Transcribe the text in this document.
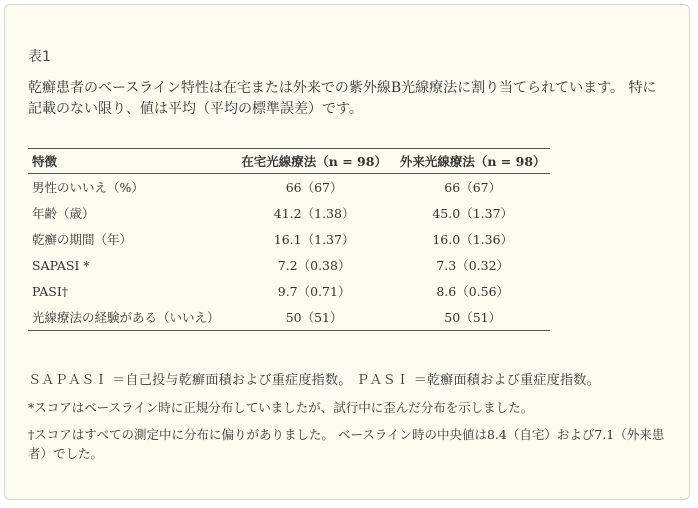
表1
乾癬患者のベースライン特性は在宅または外来での紫外線B光線療法に割り当てられています。 特に記載のない限り、値は平均（平均の標準誤差）です。
特徴	在宅光線療法（n = 98）	外来光線療法（n = 98）
男性のいいえ（%）	66（67）	66（67）
年齢（歳）	41.2（1.38）	45.0（1.37）
乾癬の期間（年）	16.1（1.37）	16.0（1.36）
SAPASI *	7.2（0.38）	7.3（0.32）
PASI†	9.7（0.71）	8.6（0.56）
光線療法の経験がある（いいえ）	50（51）	50（51）
ＳＡＰＡＳＩ ＝自己投与乾癬面積および重症度指数。 ＰＡＳＩ ＝乾癬面積および重症度指数。
*スコアはベースライン時に正規分布していましたが、試行中に歪んだ分布を示しました。
†スコアはすべての測定中に分布に偏りがありました。 ベースライン時の中央値は8.4（自宅）および7.1（外来患者）でした。
